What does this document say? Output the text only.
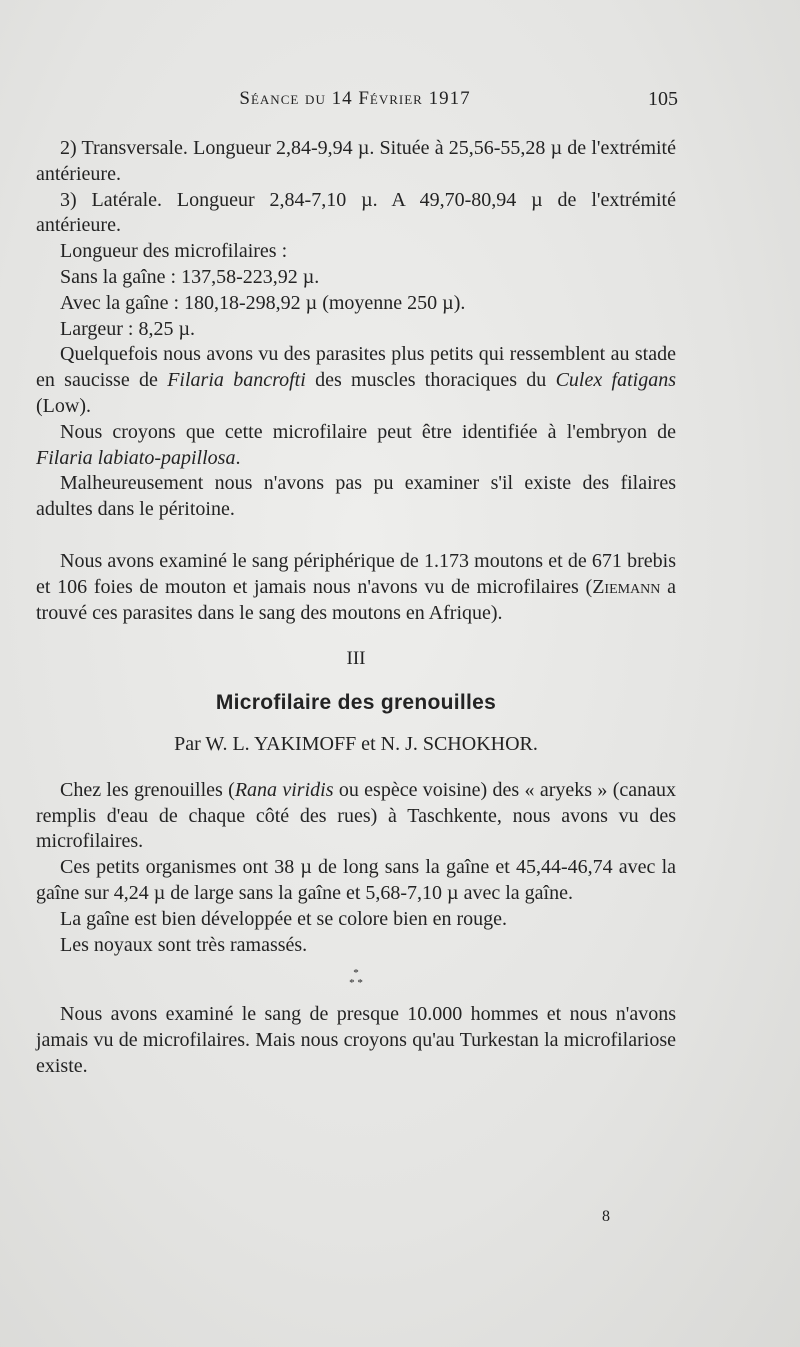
Séance du 14 Février 1917	105

2) Transversale. Longueur 2,84-9,94 µ. Située à 25,56-55,28 µ de l'extrémité antérieure.

3) Latérale. Longueur 2,84-7,10 µ. A 49,70-80,94 µ de l'extrémité antérieure.

Longueur des microfilaires :

Sans la gaîne : 137,58-223,92 µ.

Avec la gaîne : 180,18-298,92 µ (moyenne 250 µ).

Largeur : 8,25 µ.

Quelquefois nous avons vu des parasites plus petits qui ressemblent au stade en saucisse de Filaria bancrofti des muscles thoraciques du Culex fatigans (Low).

Nous croyons que cette microfilaire peut être identifiée à l'embryon de Filaria labiato-papillosa.

Malheureusement nous n'avons pas pu examiner s'il existe des filaires adultes dans le péritoine.

Nous avons examiné le sang périphérique de 1.173 moutons et de 671 brebis et 106 foies de mouton et jamais nous n'avons vu de microfilaires (Ziemann a trouvé ces parasites dans le sang des moutons en Afrique).

III

Microfilaire des grenouilles

Par W. L. YAKIMOFF et N. J. SCHOKHOR.

Chez les grenouilles (Rana viridis ou espèce voisine) des « aryeks » (canaux remplis d'eau de chaque côté des rues) à Taschkente, nous avons vu des microfilaires.

Ces petits organismes ont 38 µ de long sans la gaîne et 45,44-46,74 avec la gaîne sur 4,24 µ de large sans la gaîne et 5,68-7,10 µ avec la gaîne.

La gaîne est bien développée et se colore bien en rouge.

Les noyaux sont très ramassés.

*
* *

Nous avons examiné le sang de presque 10.000 hommes et nous n'avons jamais vu de microfilaires. Mais nous croyons qu'au Turkestan la microfilariose existe.

8
